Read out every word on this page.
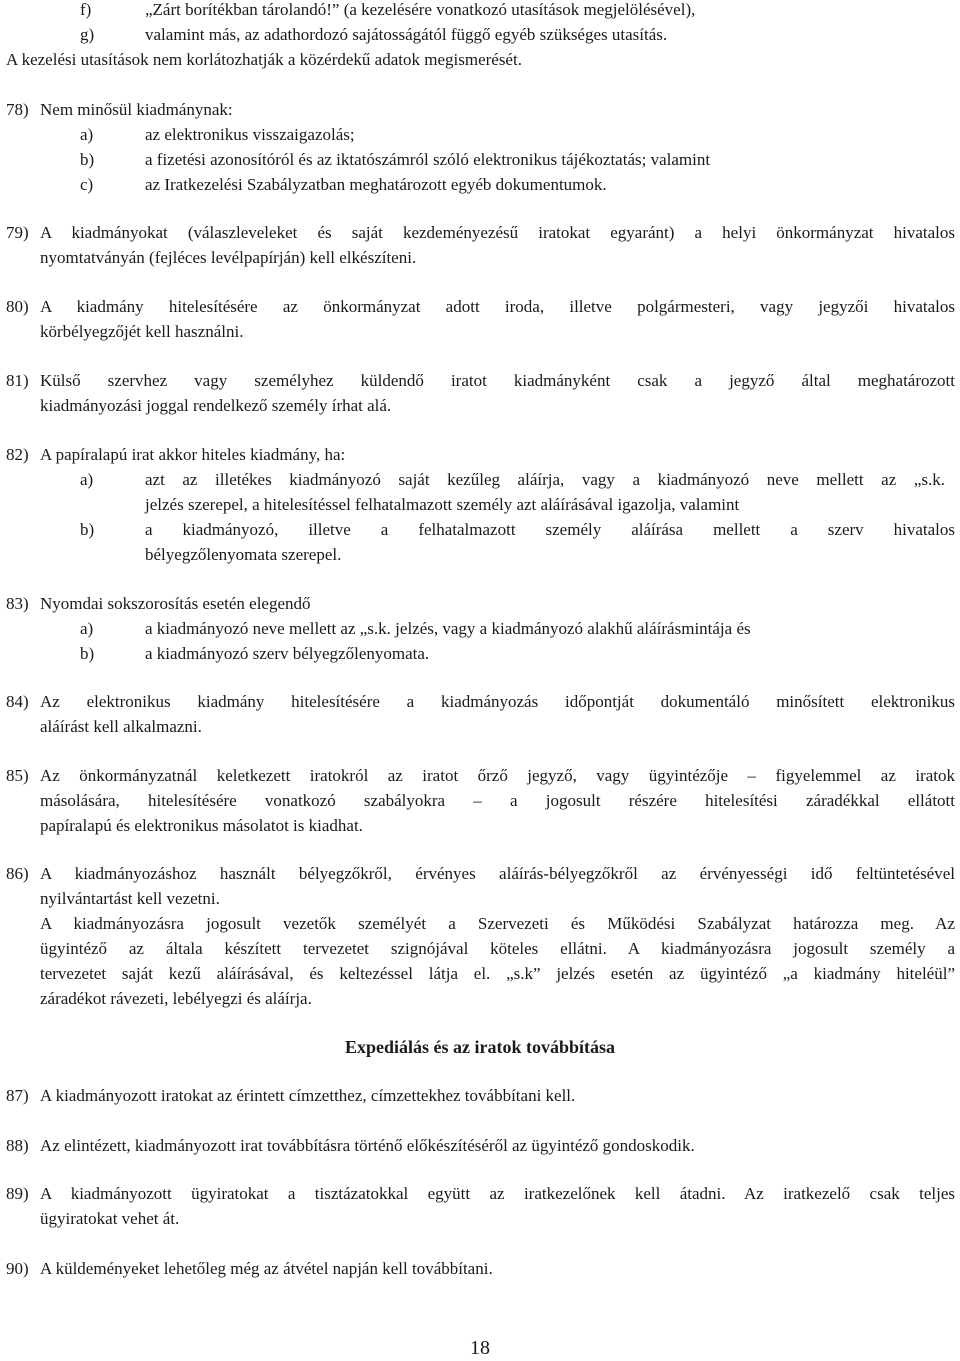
f)	„Zárt borítékban tárolandó!” (a kezelésére vonatkozó utasítások megjelölésével),
g)	valamint más, az adathordozó sajátosságától függő egyéb szükséges utasítás.
A kezelési utasítások nem korlátozhatják a közérdekű adatok megismerését.
78) Nem minősül kiadmánynak:
a)	az elektronikus visszaigazolás;
b)	a fizetési azonosítóról és az iktatószámról szóló elektronikus tájékoztatás; valamint
c)	az Iratkezelési Szabályzatban meghatározott egyéb dokumentumok.
79) A kiadmányokat (válaszleveleket és saját kezdeményezésű iratokat egyaránt) a helyi önkormányzat hivatalos
nyomtatványán (fejléces levélpapírján) kell elkészíteni.
80) A kiadmány hitelesítésére az önkormányzat adott iroda, illetve polgármesteri, vagy jegyzői hivatalos
körbélyegzőjét kell használni.
81) Külső szervhez vagy személyhez küldendő iratot kiadmányként csak a jegyző által meghatározott
kiadmányozási joggal rendelkező személy írhat alá.
82) A papíralapú irat akkor hiteles kiadmány, ha:
a)	azt az illetékes kiadmányozó saját kezűleg aláírja, vagy a kiadmányozó neve mellett az „s.k.
jelzés szerepel, a hitelesítéssel felhatalmazott személy azt aláírásával igazolja, valamint
b)	a kiadmányozó, illetve a felhatalmazott személy aláírása mellett a szerv hivatalos
bélyegzőlenyomata szerepel.
83) Nyomdai sokszorosítás esetén elegendő
a)	a kiadmányozó neve mellett az „s.k. jelzés, vagy a kiadmányozó alakhű aláírásmintája és
b)	a kiadmányozó szerv bélyegzőlenyomata.
84) Az elektronikus kiadmány hitelesítésére a kiadmányozás időpontját dokumentáló minősített elektronikus
aláírást kell alkalmazni.
85) Az önkormányzatnál keletkezett iratokról az iratot őrző jegyző, vagy ügyintézője – figyelemmel az iratok
másolására, hitelesítésére vonatkozó szabályokra – a jogosult részére hitelesítési záradékkal ellátott
papíralapú és elektronikus másolatot is kiadhat.
86) A kiadmányozáshoz használt bélyegzőkről, érvényes aláírás-bélyegzőkről az érvényességi idő feltüntetésével
nyilvántartást kell vezetni.
A kiadmányozásra jogosult vezetők személyét a Szervezeti és Működési Szabályzat határozza meg. Az
ügyintéző az általa készített tervezetet szignójával köteles ellátni. A kiadmányozásra jogosult személy a
tervezetet saját kezű aláírásával, és keltezéssel látja el. „s.k” jelzés esetén az ügyintéző „a kiadmány hiteléül”
záradékot rávezeti, lebélyegzi és aláírja.
Expediálás és az iratok továbbítása
87) A kiadmányozott iratokat az érintett címzetthez, címzettekhez továbbítani kell.
88) Az elintézett, kiadmányozott irat továbbításra történő előkészítéséről az ügyintéző gondoskodik.
89) A kiadmányozott ügyiratokat a tisztázatokkal együtt az iratkezelőnek kell átadni. Az iratkezelő csak teljes
ügyiratokat vehet át.
90) A küldeményeket lehetőleg még az átvétel napján kell továbbítani.
18
